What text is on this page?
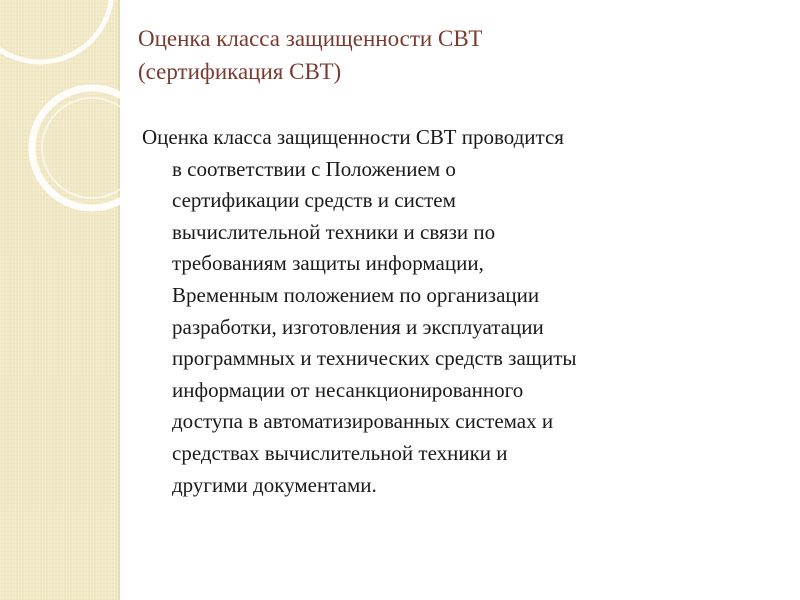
Оценка класса защищенности СВТ
(сертификация СВТ)
Оценка класса защищенности СВТ проводится
в соответствии с Положением о
сертификации средств и систем
вычислительной техники и связи по
требованиям защиты информации,
Временным положением по организации
разработки, изготовления и эксплуатации
программных и технических средств защиты
информации от несанкционированного
доступа в автоматизированных системах и
средствах вычислительной техники и
другими документами.
